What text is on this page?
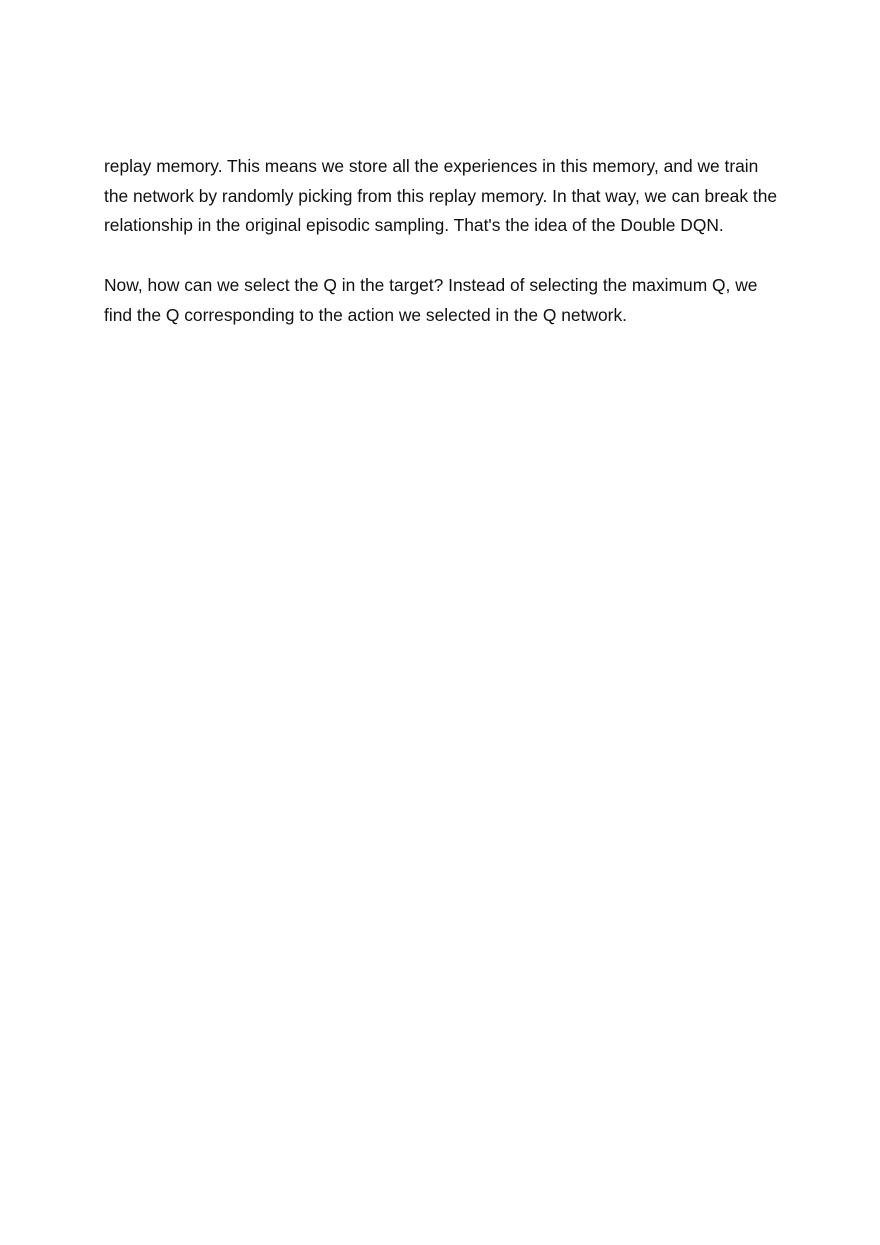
replay memory. This means we store all the experiences in this memory, and we train
the network by randomly picking from this replay memory. In that way, we can break the
relationship in the original episodic sampling. That's the idea of the Double DQN.

Now, how can we select the Q in the target? Instead of selecting the maximum Q, we
find the Q corresponding to the action we selected in the Q network.
